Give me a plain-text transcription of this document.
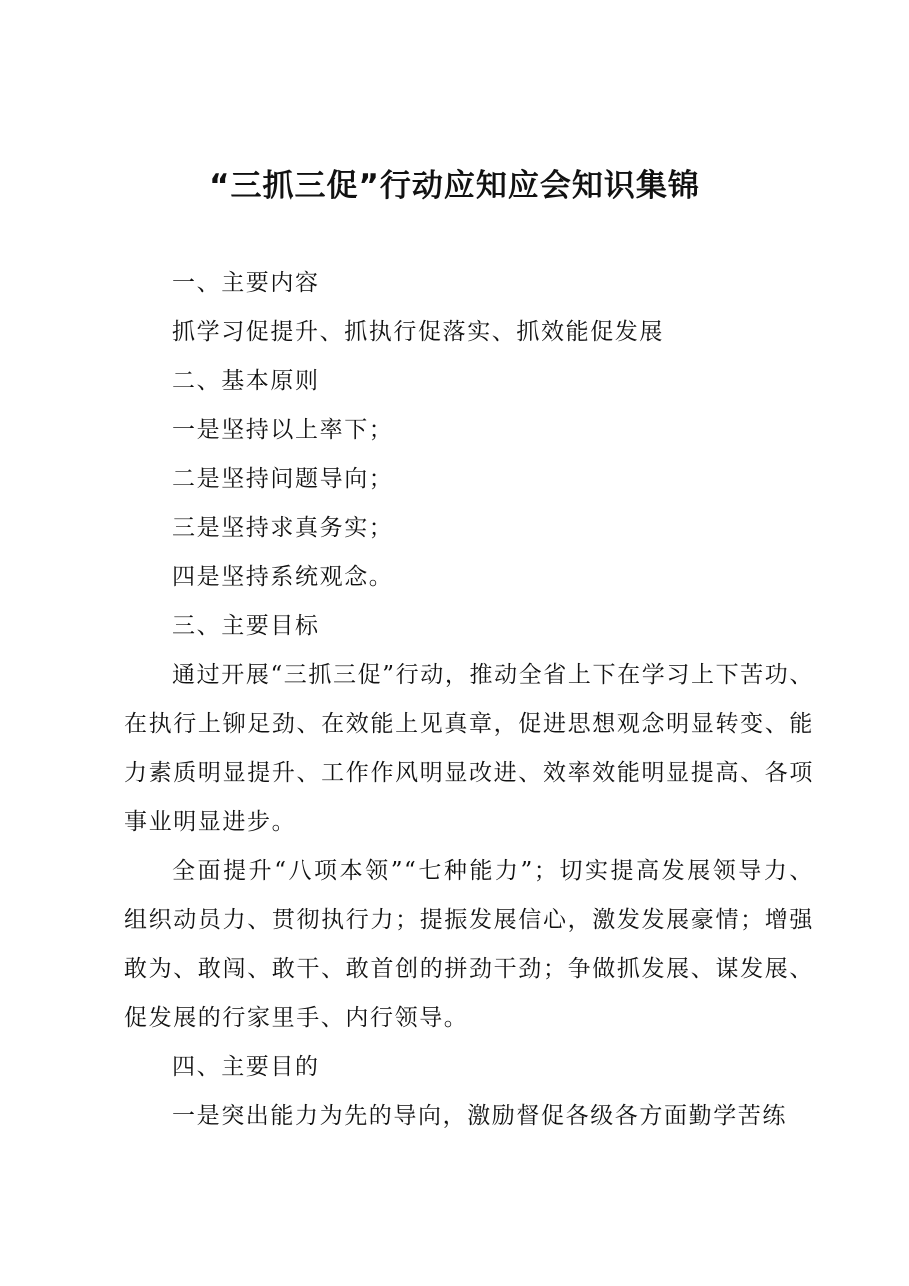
“三抓三促”行动应知应会知识集锦

一、主要内容

抓学习促提升、抓执行促落实、抓效能促发展

二、基本原则

一是坚持以上率下；

二是坚持问题导向；

三是坚持求真务实；

四是坚持系统观念。

三、主要目标

通过开展“三抓三促”行动，推动全省上下在学习上下苦功、在执行上铆足劲、在效能上见真章，促进思想观念明显转变、能力素质明显提升、工作作风明显改进、效率效能明显提高、各项事业明显进步。

全面提升“八项本领”“七种能力”；切实提高发展领导力、组织动员力、贯彻执行力；提振发展信心，激发发展豪情；增强敢为、敢闯、敢干、敢首创的拼劲干劲；争做抓发展、谋发展、促发展的行家里手、内行领导。

四、主要目的

一是突出能力为先的导向，激励督促各级各方面勤学苦练
